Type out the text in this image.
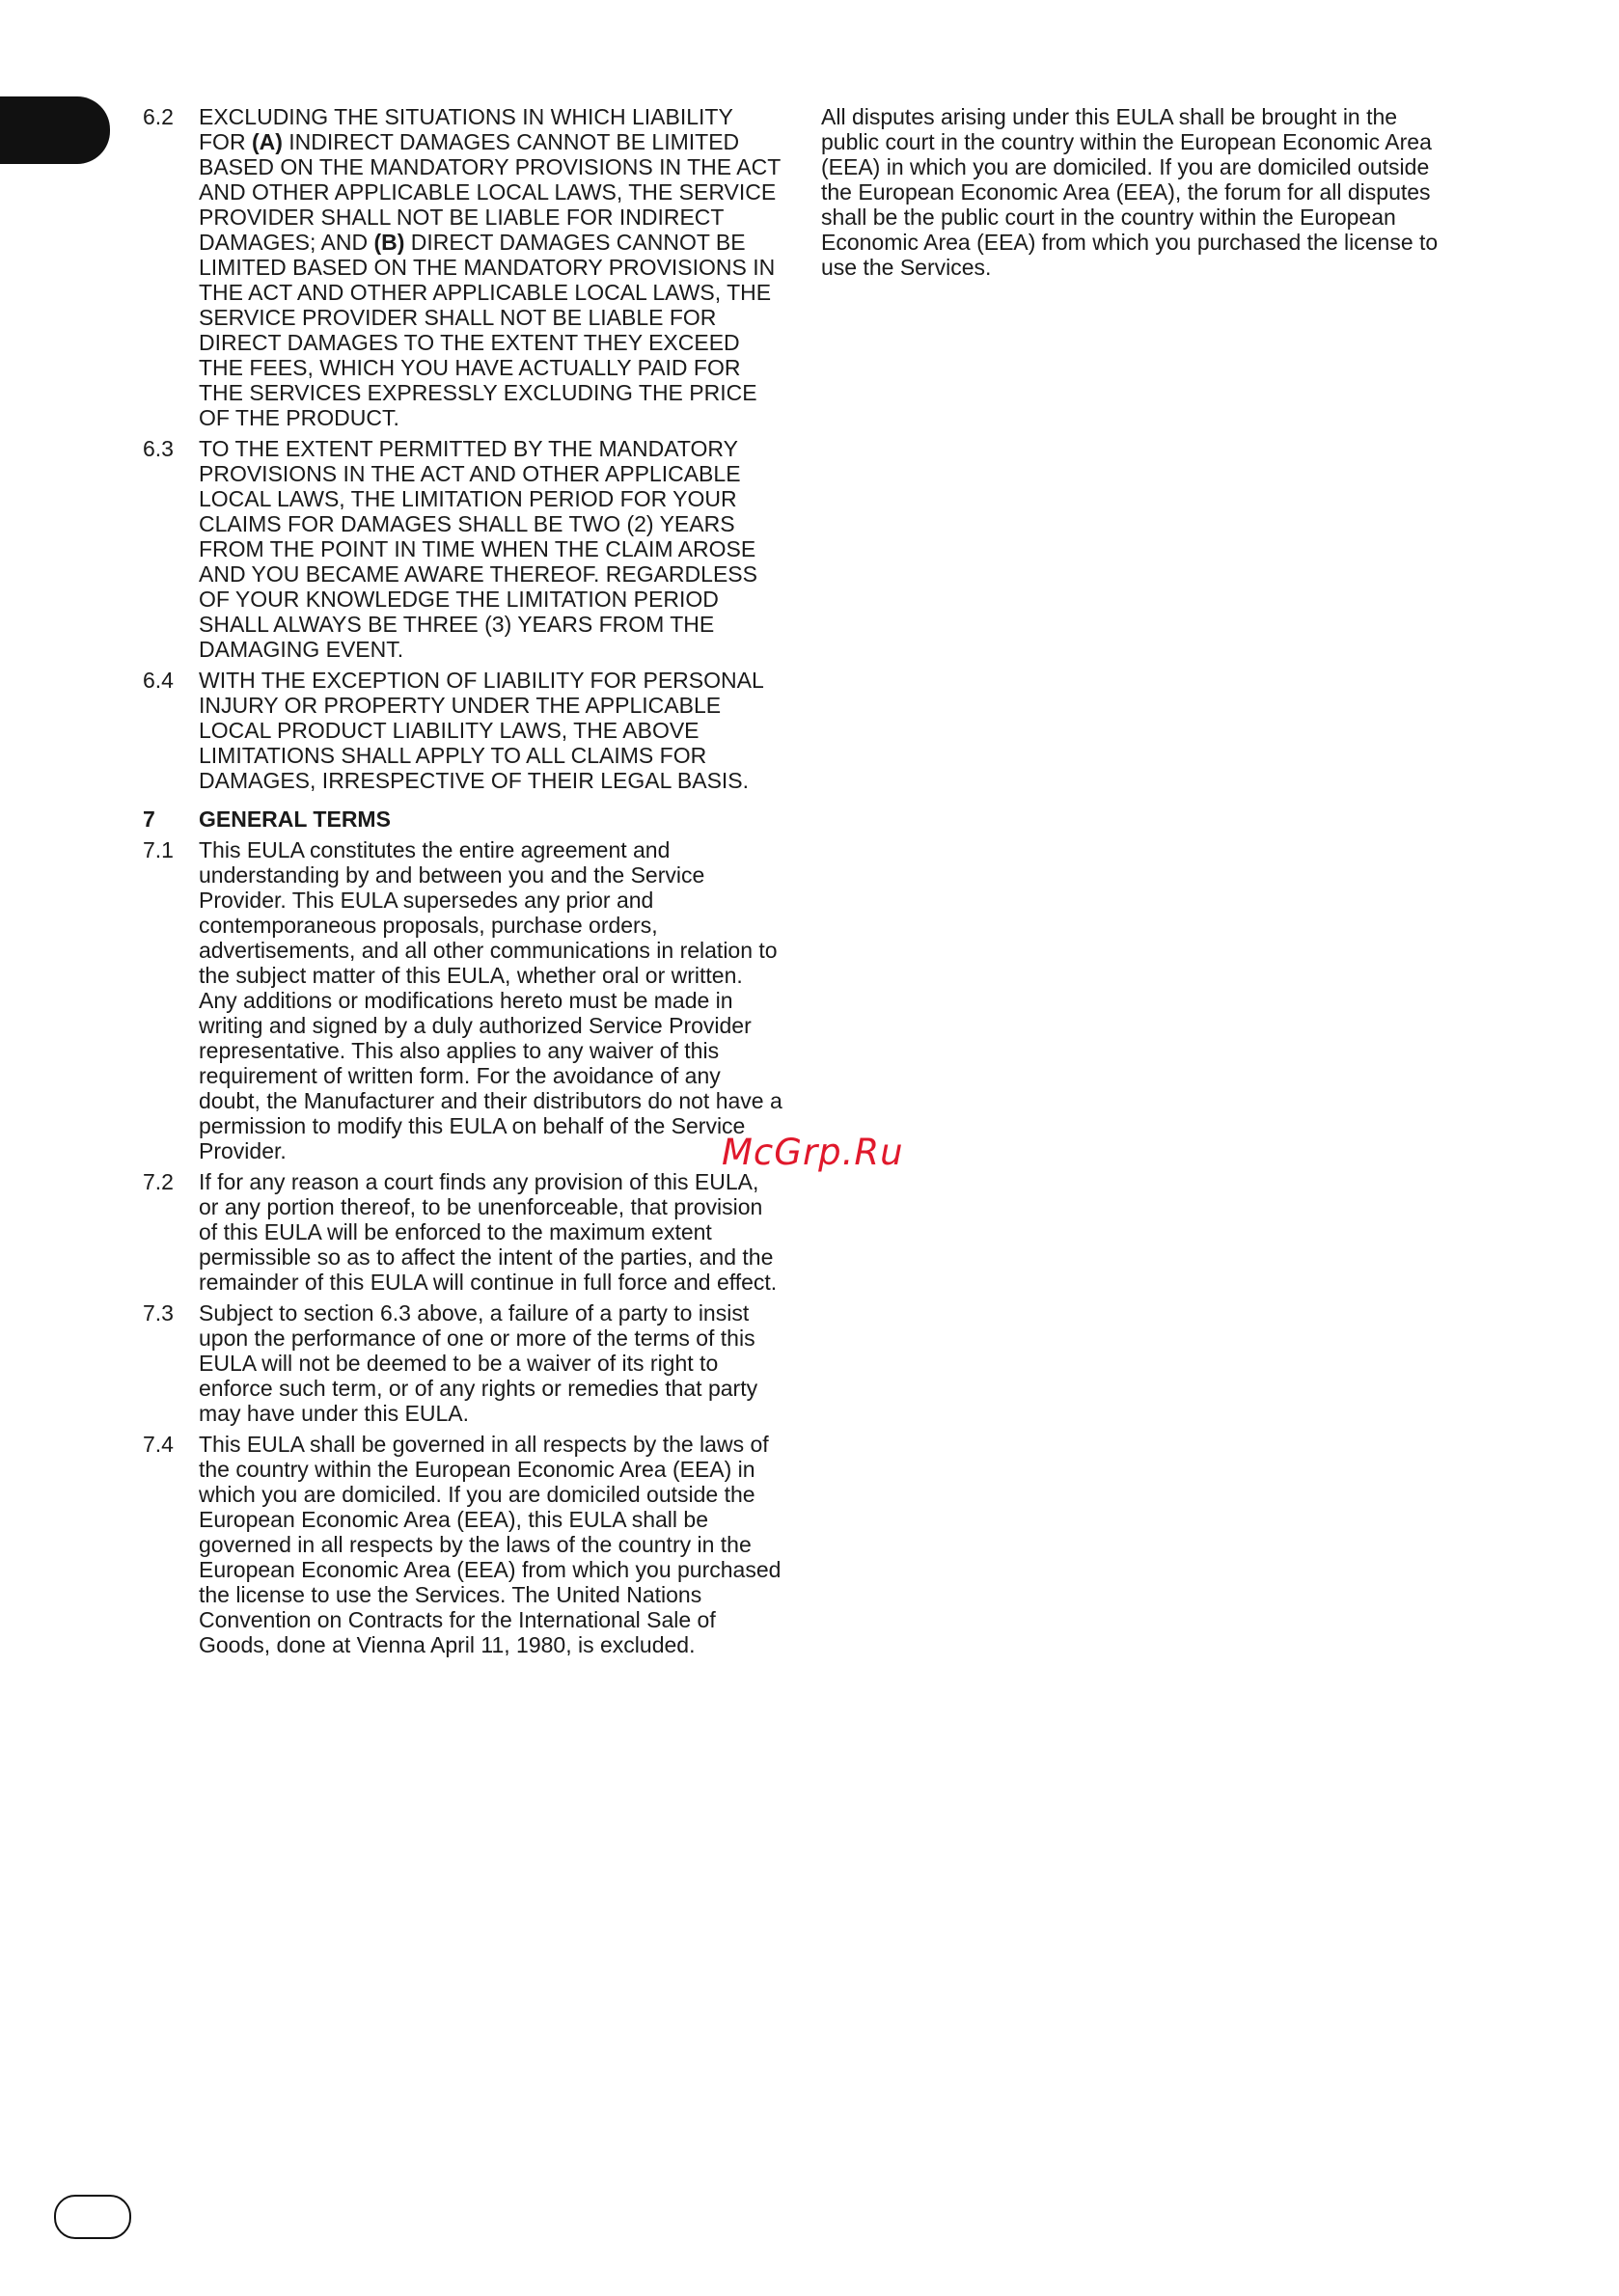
6.2	EXCLUDING THE SITUATIONS IN WHICH LIABILITY FOR (A) INDIRECT DAMAGES CANNOT BE LIMITED BASED ON THE MANDATORY PROVISIONS IN THE ACT AND OTHER APPLICABLE LOCAL LAWS, THE SERVICE PROVIDER SHALL NOT BE LIABLE FOR INDIRECT DAMAGES; AND (B) DIRECT DAMAGES CANNOT BE LIMITED BASED ON THE MANDATORY PROVISIONS IN THE ACT AND OTHER APPLICABLE LOCAL LAWS, THE SERVICE PROVIDER SHALL NOT BE LIABLE FOR DIRECT DAMAGES TO THE EXTENT THEY EXCEED THE FEES, WHICH YOU HAVE ACTUALLY PAID FOR THE SERVICES EXPRESSLY EXCLUDING THE PRICE OF THE PRODUCT.
6.3	TO THE EXTENT PERMITTED BY THE MANDATORY PROVISIONS IN THE ACT AND OTHER APPLICABLE LOCAL LAWS, THE LIMITATION PERIOD FOR YOUR CLAIMS FOR DAMAGES SHALL BE TWO (2) YEARS FROM THE POINT IN TIME WHEN THE CLAIM AROSE AND YOU BECAME AWARE THEREOF. REGARDLESS OF YOUR KNOWLEDGE THE LIMITATION PERIOD SHALL ALWAYS BE THREE (3) YEARS FROM THE DAMAGING EVENT.
6.4	WITH THE EXCEPTION OF LIABILITY FOR PERSONAL INJURY OR PROPERTY UNDER THE APPLICABLE LOCAL PRODUCT LIABILITY LAWS, THE ABOVE LIMITATIONS SHALL APPLY TO ALL CLAIMS FOR DAMAGES, IRRESPECTIVE OF THEIR LEGAL BASIS.
7	GENERAL TERMS
7.1	This EULA constitutes the entire agreement and understanding by and between you and the Service Provider. This EULA supersedes any prior and contemporaneous proposals, purchase orders, advertisements, and all other communications in relation to the subject matter of this EULA, whether oral or written. Any additions or modifications hereto must be made in writing and signed by a duly authorized Service Provider representative. This also applies to any waiver of this requirement of written form. For the avoidance of any doubt, the Manufacturer and their distributors do not have a permission to modify this EULA on behalf of the Service Provider.
7.2	If for any reason a court finds any provision of this EULA, or any portion thereof, to be unenforceable, that provision of this EULA will be enforced to the maximum extent permissible so as to affect the intent of the parties, and the remainder of this EULA will continue in full force and effect.
7.3	Subject to section 6.3 above, a failure of a party to insist upon the performance of one or more of the terms of this EULA will not be deemed to be a waiver of its right to enforce such term, or of any rights or remedies that party may have under this EULA.
7.4	This EULA shall be governed in all respects by the laws of the country within the European Economic Area (EEA) in which you are domiciled. If you are domiciled outside the European Economic Area (EEA), this EULA shall be governed in all respects by the laws of the country in the European Economic Area (EEA) from which you purchased the license to use the Services. The United Nations Convention on Contracts for the International Sale of Goods, done at Vienna April 11, 1980, is excluded.

All disputes arising under this EULA shall be brought in the public court in the country within the European Economic Area (EEA) in which you are domiciled. If you are domiciled outside the European Economic Area (EEA), the forum for all disputes shall be the public court in the country within the European Economic Area (EEA) from which you purchased the license to use the Services.

McGrp.Ru
